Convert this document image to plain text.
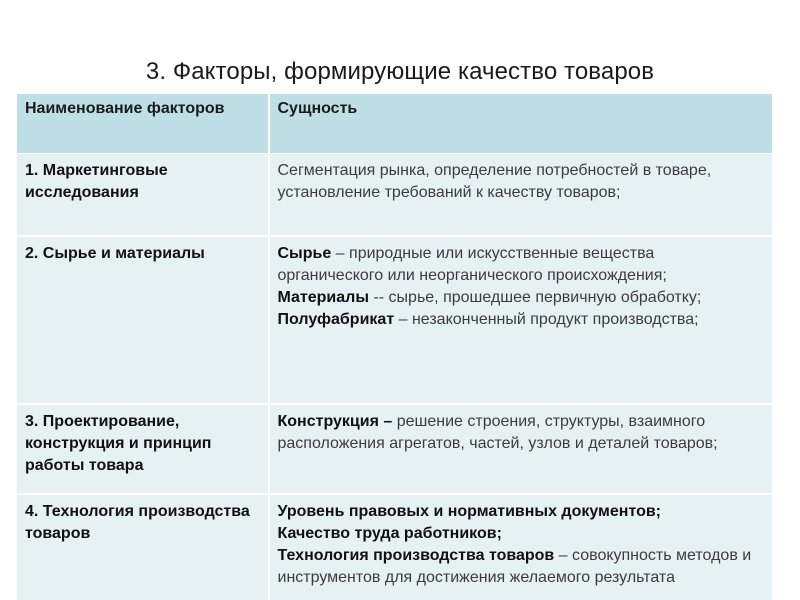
3. Факторы, формирующие качество товаров
Наименование факторов	Сущность
1. Маркетинговые исследования	Сегментация рынка, определение потребностей в товаре, установление требований к качеству товаров;

2. Сырье и материалы	Сырье – природные или искусственные вещества органического или неорганического происхождения;
Материалы -- сырье, прошедшее первичную обработку;
Полуфабрикат – незаконченный продукт производства;

3. Проектирование, конструкция и принцип работы товара	Конструкция – решение строения, структуры, взаимного расположения агрегатов, частей, узлов и деталей товаров;

4. Технология производства товаров	Уровень правовых и нормативных документов;
Качество труда работников;
Технология производства товаров – совокупность методов и инструментов для достижения желаемого результата
